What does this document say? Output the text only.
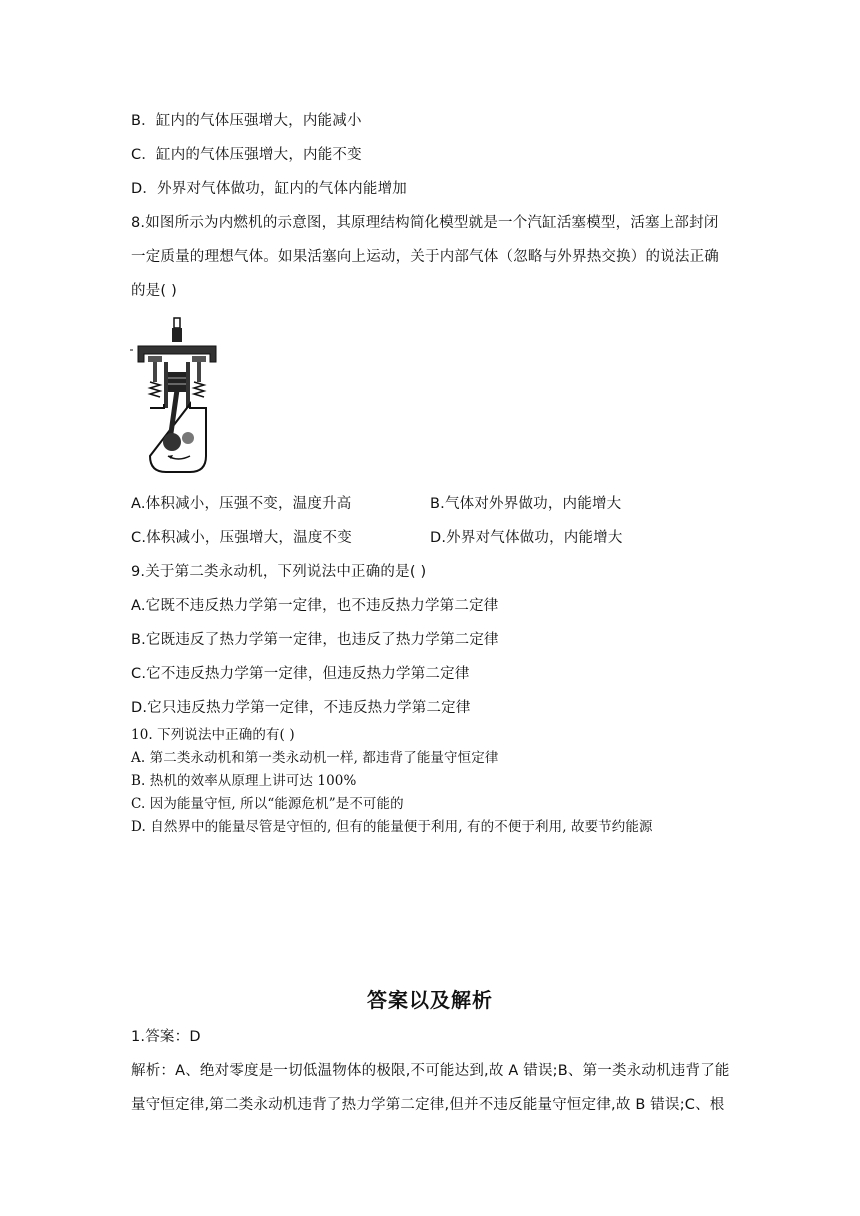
B．缸内的气体压强增大，内能减小
C．缸内的气体压强增大，内能不变
D．外界对气体做功，缸内的气体内能增加
8.如图所示为内燃机的示意图，其原理结构简化模型就是一个汽缸活塞模型，活塞上部封闭
一定质量的理想气体。如果活塞向上运动，关于内部气体（忽略与外界热交换）的说法正确
的是( )
A.体积减小，压强不变，温度升高	B.气体对外界做功，内能增大
C.体积减小，压强增大，温度不变	D.外界对气体做功，内能增大
9.关于第二类永动机，下列说法中正确的是( )
A.它既不违反热力学第一定律，也不违反热力学第二定律
B.它既违反了热力学第一定律，也违反了热力学第二定律
C.它不违反热力学第一定律，但违反热力学第二定律
D.它只违反热力学第一定律，不违反热力学第二定律
10. 下列说法中正确的有( )
A. 第二类永动机和第一类永动机一样, 都违背了能量守恒定律
B. 热机的效率从原理上讲可达 100%
C. 因为能量守恒, 所以“能源危机”是不可能的
D. 自然界中的能量尽管是守恒的, 但有的能量便于利用, 有的不便于利用, 故要节约能源
答案以及解析
1.答案：D
解析：A、绝对零度是一切低温物体的极限,不可能达到,故 A 错误;B、第一类永动机违背了能
量守恒定律,第二类永动机违背了热力学第二定律,但并不违反能量守恒定律,故 B 错误;C、根
